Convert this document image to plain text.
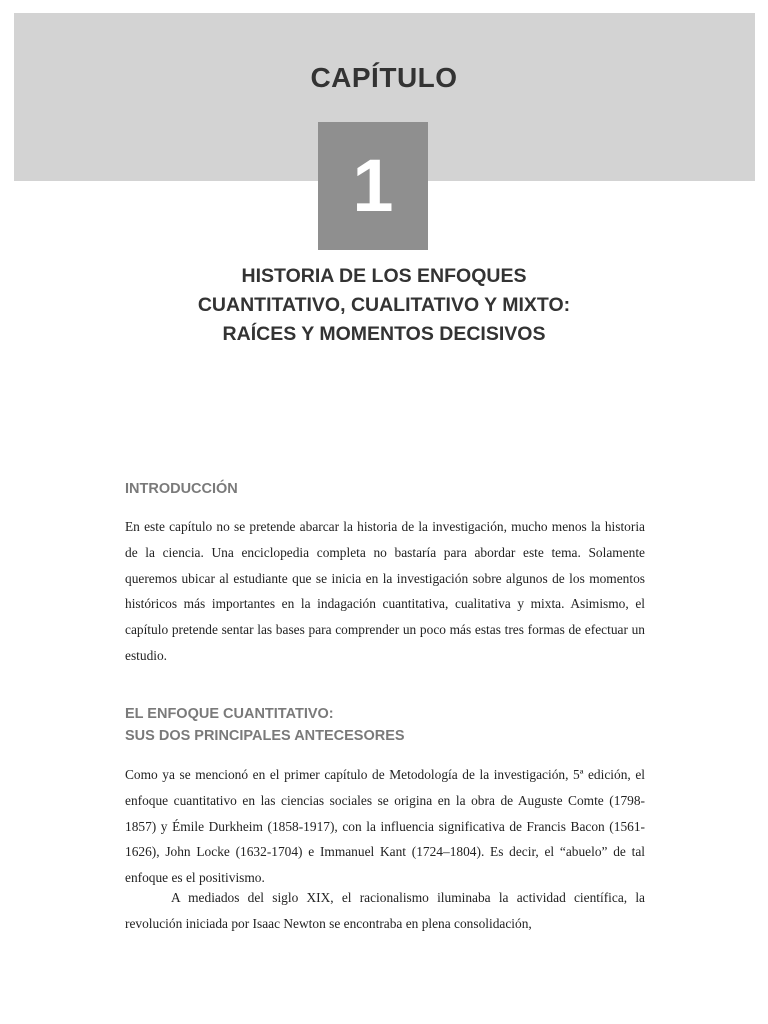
CAPÍTULO
1
HISTORIA DE LOS ENFOQUES
CUANTITATIVO, CUALITATIVO Y MIXTO:
RAÍCES Y MOMENTOS DECISIVOS
INTRODUCCIÓN

En este capítulo no se pretende abarcar la historia de la investigación, mucho menos la historia de la ciencia. Una enciclopedia completa no bastaría para abordar este tema. Solamente queremos ubicar al estudiante que se inicia en la investigación sobre algunos de los momentos históricos más importantes en la indagación cuantitativa, cualitativa y mixta. Asimismo, el capítulo pretende sentar las bases para comprender un poco más estas tres formas de efectuar un estudio.

EL ENFOQUE CUANTITATIVO:
SUS DOS PRINCIPALES ANTECESORES

Como ya se mencionó en el primer capítulo de Metodología de la investigación, 5ª edición, el enfoque cuantitativo en las ciencias sociales se origina en la obra de Auguste Comte (1798-1857) y Émile Durkheim (1858-1917), con la influencia significativa de Francis Bacon (1561-1626), John Locke (1632-1704) e Immanuel Kant (1724–1804). Es decir, el “abuelo” de tal enfoque es el positivismo.

A mediados del siglo XIX, el racionalismo iluminaba la actividad científica, la revolución iniciada por Isaac Newton se encontraba en plena consolidación,
